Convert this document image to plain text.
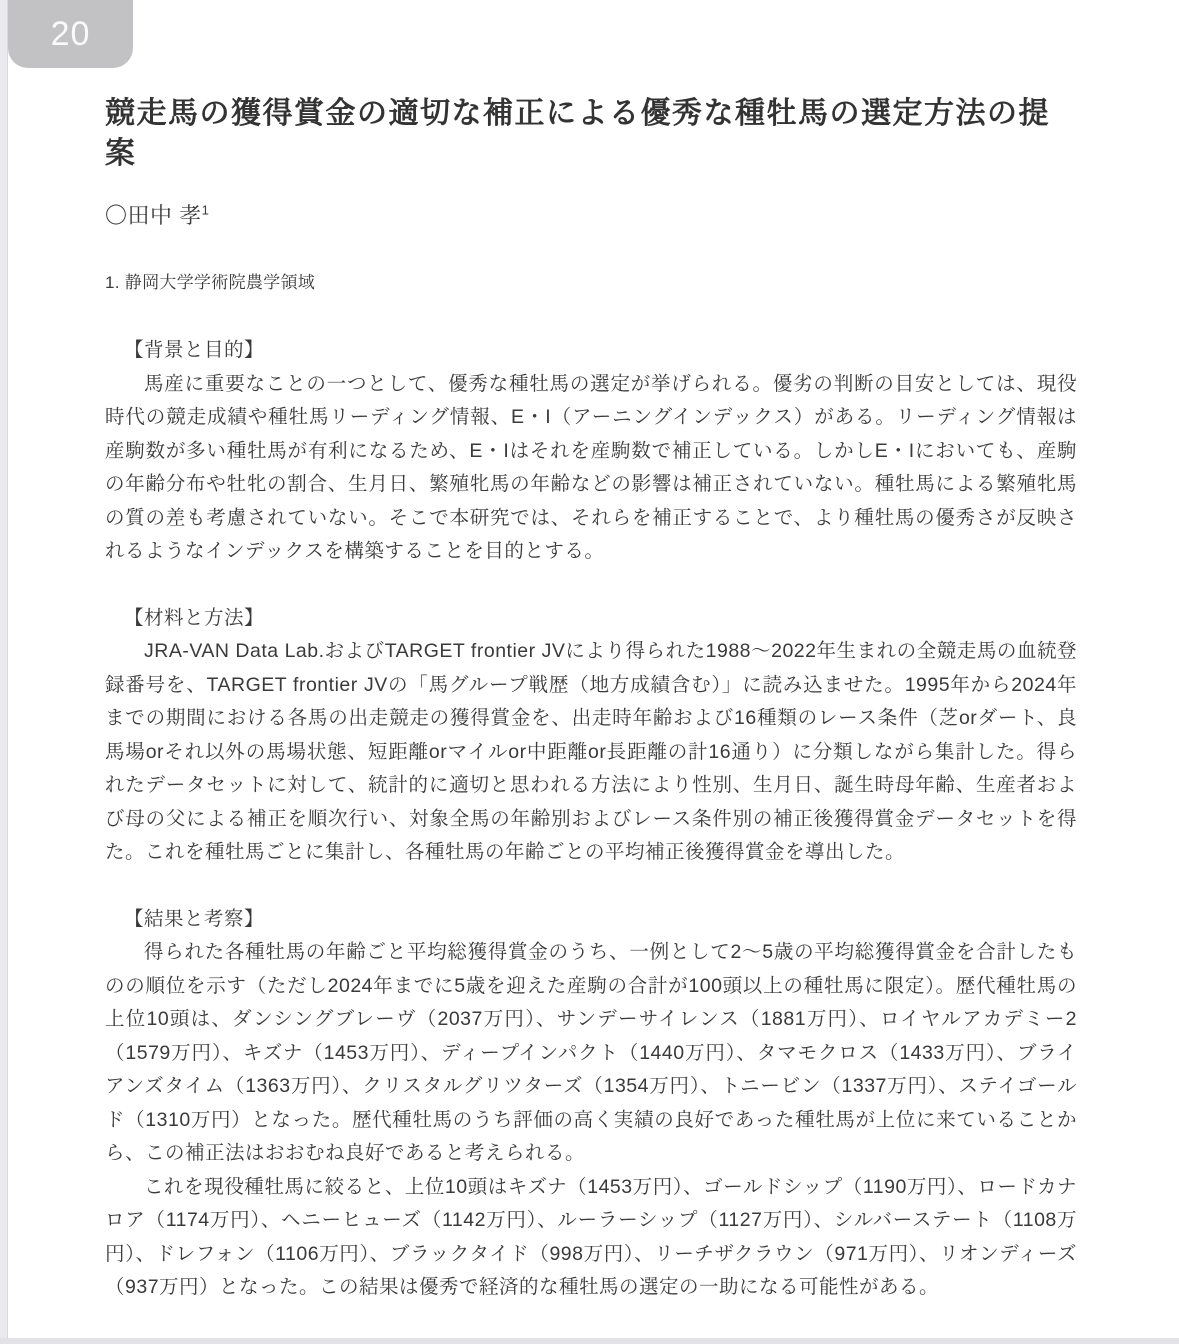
20
競走馬の獲得賞金の適切な補正による優秀な種牡馬の選定方法の提案
〇田中 孝$^1$
1. 静岡大学学術院農学領域
【背景と目的】

馬産に重要なことの一つとして、優秀な種牡馬の選定が挙げられる。優劣の判断の目安としては、現役時代の競走成績や種牡馬リーディング情報、E・I（アーニングインデックス）がある。リーディング情報は産駒数が多い種牡馬が有利になるため、E・Iはそれを産駒数で補正している。しかしE・Iにおいても、産駒の年齢分布や牡牝の割合、生月日、繁殖牝馬の年齢などの影響は補正されていない。種牡馬による繁殖牝馬の質の差も考慮されていない。そこで本研究では、それらを補正することで、より種牡馬の優秀さが反映されるようなインデックスを構築することを目的とする。

【材料と方法】

JRA-VAN Data Lab.およびTARGET frontier JVにより得られた1988〜2022年生まれの全競走馬の血統登録番号を、TARGET frontier JVの「馬グループ戦歴（地方成績含む）」に読み込ませた。1995年から2024年までの期間における各馬の出走競走の獲得賞金を、出走時年齢および16種類のレース条件（芝orダート、良馬場orそれ以外の馬場状態、短距離orマイルor中距離or長距離の計16通り）に分類しながら集計した。得られたデータセットに対して、統計的に適切と思われる方法により性別、生月日、誕生時母年齢、生産者および母の父による補正を順次行い、対象全馬の年齢別およびレース条件別の補正後獲得賞金データセットを得た。これを種牡馬ごとに集計し、各種牡馬の年齢ごとの平均補正後獲得賞金を導出した。

【結果と考察】

得られた各種牡馬の年齢ごと平均総獲得賞金のうち、一例として2〜5歳の平均総獲得賞金を合計したものの順位を示す（ただし2024年までに5歳を迎えた産駒の合計が100頭以上の種牡馬に限定）。歴代種牡馬の上位10頭は、ダンシングブレーヴ（2037万円）、サンデーサイレンス（1881万円）、ロイヤルアカデミー2（1579万円）、キズナ（1453万円）、ディープインパクト（1440万円）、タマモクロス（1433万円）、ブライアンズタイム（1363万円）、クリスタルグリツターズ（1354万円）、トニービン（1337万円）、ステイゴールド（1310万円）となった。歴代種牡馬のうち評価の高く実績の良好であった種牡馬が上位に来ていることから、この補正法はおおむね良好であると考えられる。

これを現役種牡馬に絞ると、上位10頭はキズナ（1453万円）、ゴールドシップ（1190万円）、ロードカナロア（1174万円）、ヘニーヒューズ（1142万円）、ルーラーシップ（1127万円）、シルバーステート（1108万円）、ドレフォン（1106万円）、ブラックタイド（998万円）、リーチザクラウン（971万円）、リオンディーズ（937万円）となった。この結果は優秀で経済的な種牡馬の選定の一助になる可能性がある。
